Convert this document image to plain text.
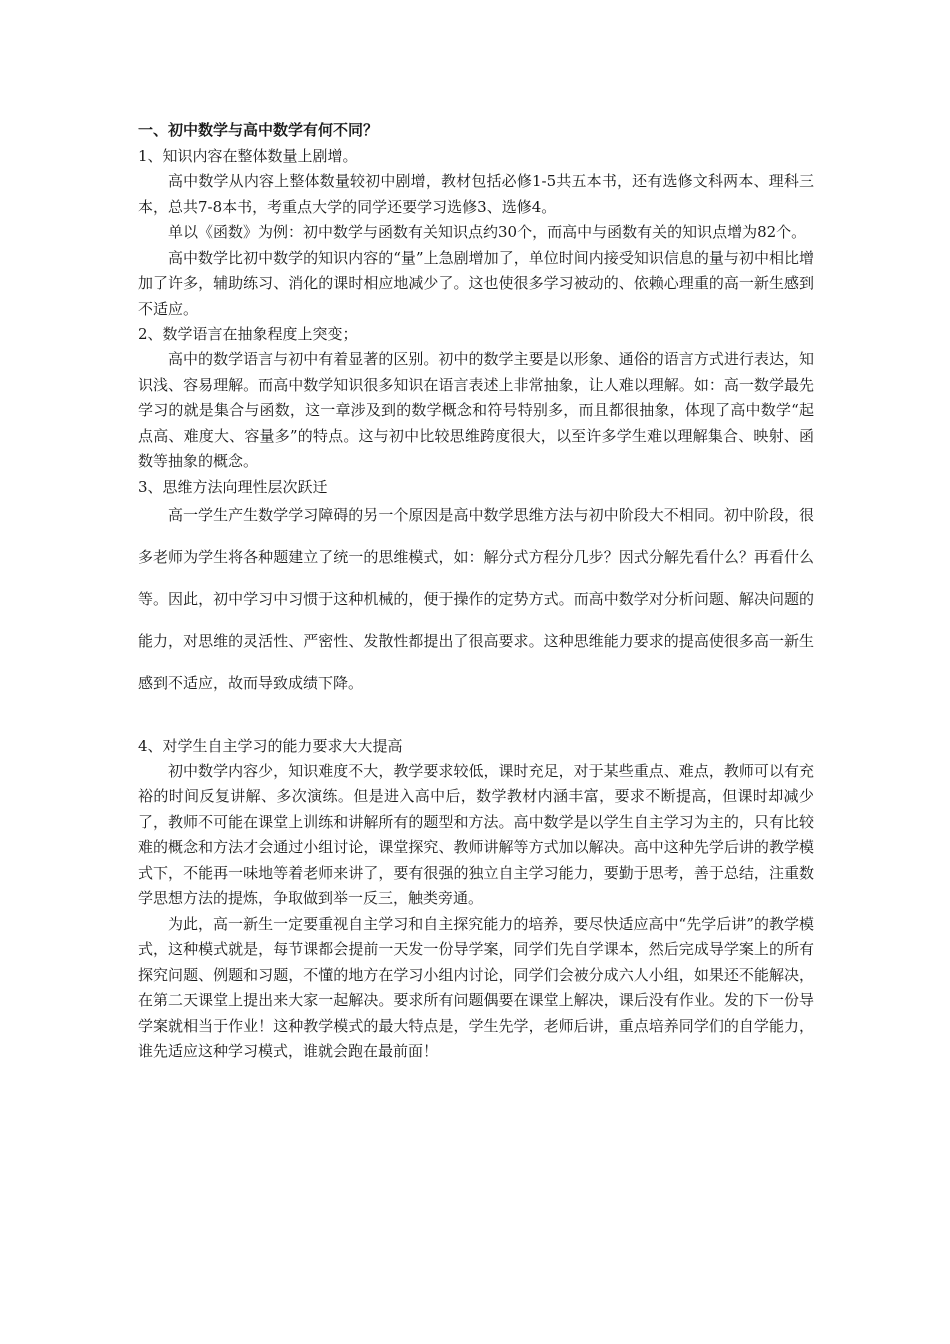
一、初中数学与高中数学有何不同？

1、知识内容在整体数量上剧增。

高中数学从内容上整体数量较初中剧增，教材包括必修1-5共五本书，还有选修文科两本、理科三本，总共7-8本书，考重点大学的同学还要学习选修3、选修4。

单以《函数》为例：初中数学与函数有关知识点约30个，而高中与函数有关的知识点增为82个。

高中数学比初中数学的知识内容的“量”上急剧增加了，单位时间内接受知识信息的量与初中相比增加了许多，辅助练习、消化的课时相应地减少了。这也使很多学习被动的、依赖心理重的高一新生感到不适应。

2、数学语言在抽象程度上突变；

高中的数学语言与初中有着显著的区别。初中的数学主要是以形象、通俗的语言方式进行表达，知识浅、容易理解。而高中数学知识很多知识在语言表述上非常抽象，让人难以理解。如：高一数学最先学习的就是集合与函数，这一章涉及到的数学概念和符号特别多，而且都很抽象，体现了高中数学“起点高、难度大、容量多”的特点。这与初中比较思维跨度很大，以至许多学生难以理解集合、映射、函数等抽象的概念。

3、思维方法向理性层次跃迁

高一学生产生数学学习障碍的另一个原因是高中数学思维方法与初中阶段大不相同。初中阶段，很多老师为学生将各种题建立了统一的思维模式，如：解分式方程分几步？因式分解先看什么？再看什么等。因此，初中学习中习惯于这种机械的，便于操作的定势方式。而高中数学对分析问题、解决问题的能力，对思维的灵活性、严密性、发散性都提出了很高要求。这种思维能力要求的提高使很多高一新生感到不适应，故而导致成绩下降。

4、对学生自主学习的能力要求大大提高

初中数学内容少，知识难度不大，教学要求较低，课时充足，对于某些重点、难点，教师可以有充裕的时间反复讲解、多次演练。但是进入高中后，数学教材内涵丰富，要求不断提高，但课时却减少了，教师不可能在课堂上训练和讲解所有的题型和方法。高中数学是以学生自主学习为主的，只有比较难的概念和方法才会通过小组讨论，课堂探究、教师讲解等方式加以解决。高中这种先学后讲的教学模式下，不能再一味地等着老师来讲了，要有很强的独立自主学习能力，要勤于思考，善于总结，注重数学思想方法的提炼，争取做到举一反三，触类旁通。

为此，高一新生一定要重视自主学习和自主探究能力的培养，要尽快适应高中“先学后讲”的教学模式，这种模式就是，每节课都会提前一天发一份导学案，同学们先自学课本，然后完成导学案上的所有探究问题、例题和习题，不懂的地方在学习小组内讨论，同学们会被分成六人小组，如果还不能解决，在第二天课堂上提出来大家一起解决。要求所有问题偶要在课堂上解决，课后没有作业。发的下一份导学案就相当于作业！这种教学模式的最大特点是，学生先学，老师后讲，重点培养同学们的自学能力，谁先适应这种学习模式，谁就会跑在最前面！
